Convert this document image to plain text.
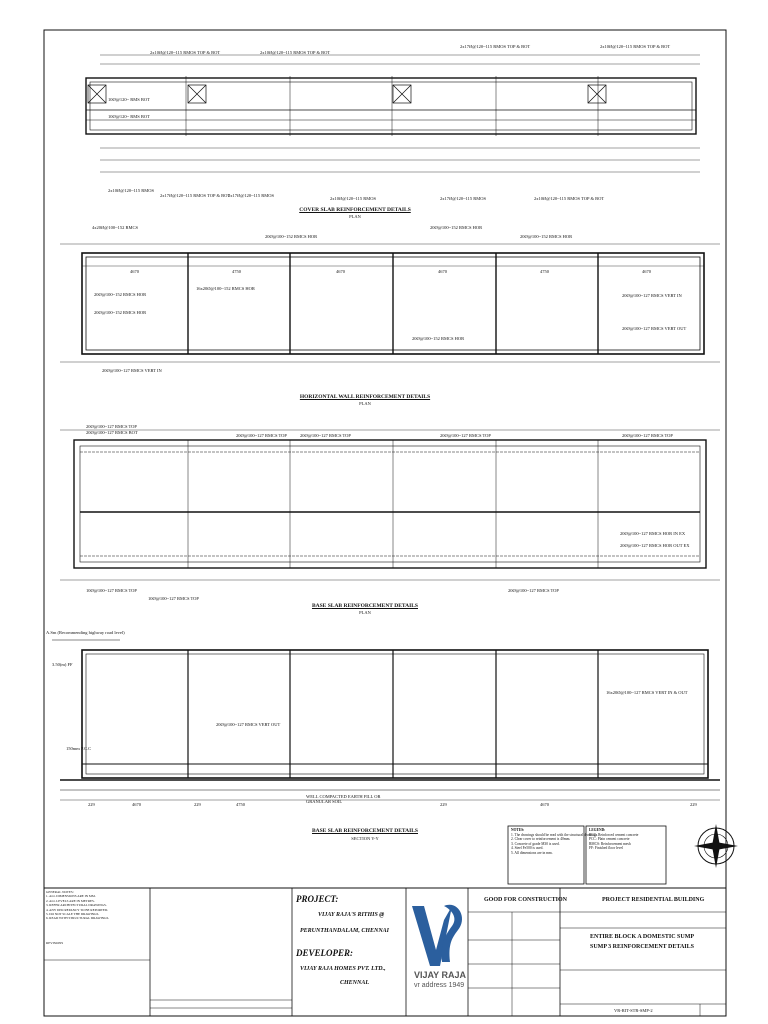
COVER SLAB REINFORCEMENT DETAILS
PLAN
HORIZONTAL WALL REINFORCEMENT DETAILS
PLAN
BASE SLAB REINFORCEMENT DETAILS
PLAN
BASE SLAB REINFORCEMENT DETAILS
SECTION Y-Y
2x10Ø@120~115 RMOS TOP & BOT	2x10Ø@120~115 RMOS TOP & BOT
2x17Ø@120~115 RMOS TOP & BOT	2x10Ø@120~115 RMOS TOP & BOT
10Ø@120~ RMS BOT
10Ø@120~ RMS BOT
2x10Ø@120~115 RMOS
2x17Ø@120~115 RMOS TOP & BOT
2x17Ø@120~115 RMOS
2x10Ø@120~115 RMOS	2x17Ø@120~115 RMOS	2x10Ø@120~115 RMOS TOP & BOT
4x20Ø@100~152 RMCS
20Ø@100~152 RMCS HOR
20Ø@100~152 RMCS HOR
20Ø@100~152 RMCS HOR
20Ø@100~152 RMCS HOR
16x20Ø@100~152 RMCS HOR
20Ø@100~127 RMCS VERT IN
20Ø@100~127 RMCS VERT OUT
20Ø@100~152 RMCS HOR
20Ø@100~152 RMCS HOR
20Ø@100~127 RMCS VERT IN
4670	4750	4670	4670	4750	4670
20Ø@100~127 RMCS TOP
20Ø@100~127 RMCS TOP	20Ø@100~127 RMCS TOP	20Ø@100~127 RMCS TOP	20Ø@100~127 RMCS TOP
20Ø@100~127 RMCS BOT
20Ø@100~127 RMCS HOR IN EX
20Ø@100~127 RMCS HOR OUT EX
10Ø@100~127 RMCS TOP
10Ø@100~127 RMCS TOP
20Ø@100~127 RMCS TOP
A.Sm (Recommending highway road level)
3.50(m) FF
150mm P.C.C
20Ø@100~127 RMCS VERT OUT
16x20Ø@100~127 RMCS VERT IN & OUT
WELL COMPACTED EARTH FILL OR GRANULAR SOIL
229	4670	229	4750	229	4670	229
NOTES:
1. The drawings should be read with the structural drawings.
2. Clear cover to reinforcement is 40mm.
3. Concrete of grade M30 is used.
4. Steel Fe500 is used.
5. All dimensions are in mm.
LEGEND:
RCC: Reinforced cement concrete
PCC: Plain cement concrete
RMCS: Reinforcement mesh
FF: Finished floor level
GENERAL NOTES:
1. ALL DIMENSIONS ARE IN MM.
2. ALL LEVELS ARE IN METRES.
3. REFER ARCHITECTURAL DRAWINGS.
4. ANY DISCREPANCY TO BE REPORTED.
5. DO NOT SCALE THE DRAWINGS.
6. READ WITH STRUCTURAL DRAWINGS.
REVISIONS
PROJECT:
VIJAY RAJA'S RITHIS @
PERUNTHANDALAM, CHENNAI
DEVELOPER:
VIJAY RAJA HOMES PVT. LTD.,
CHENNAI.
VIJAY RAJA
vr address 1949
GOOD FOR CONSTRUCTION	PROJECT RESIDENTIAL BUILDING
ENTIRE BLOCK A DOMESTIC SUMP
SUMP 3 REINFORCEMENT DETAILS
VR-RIT-STR-SMP-2
